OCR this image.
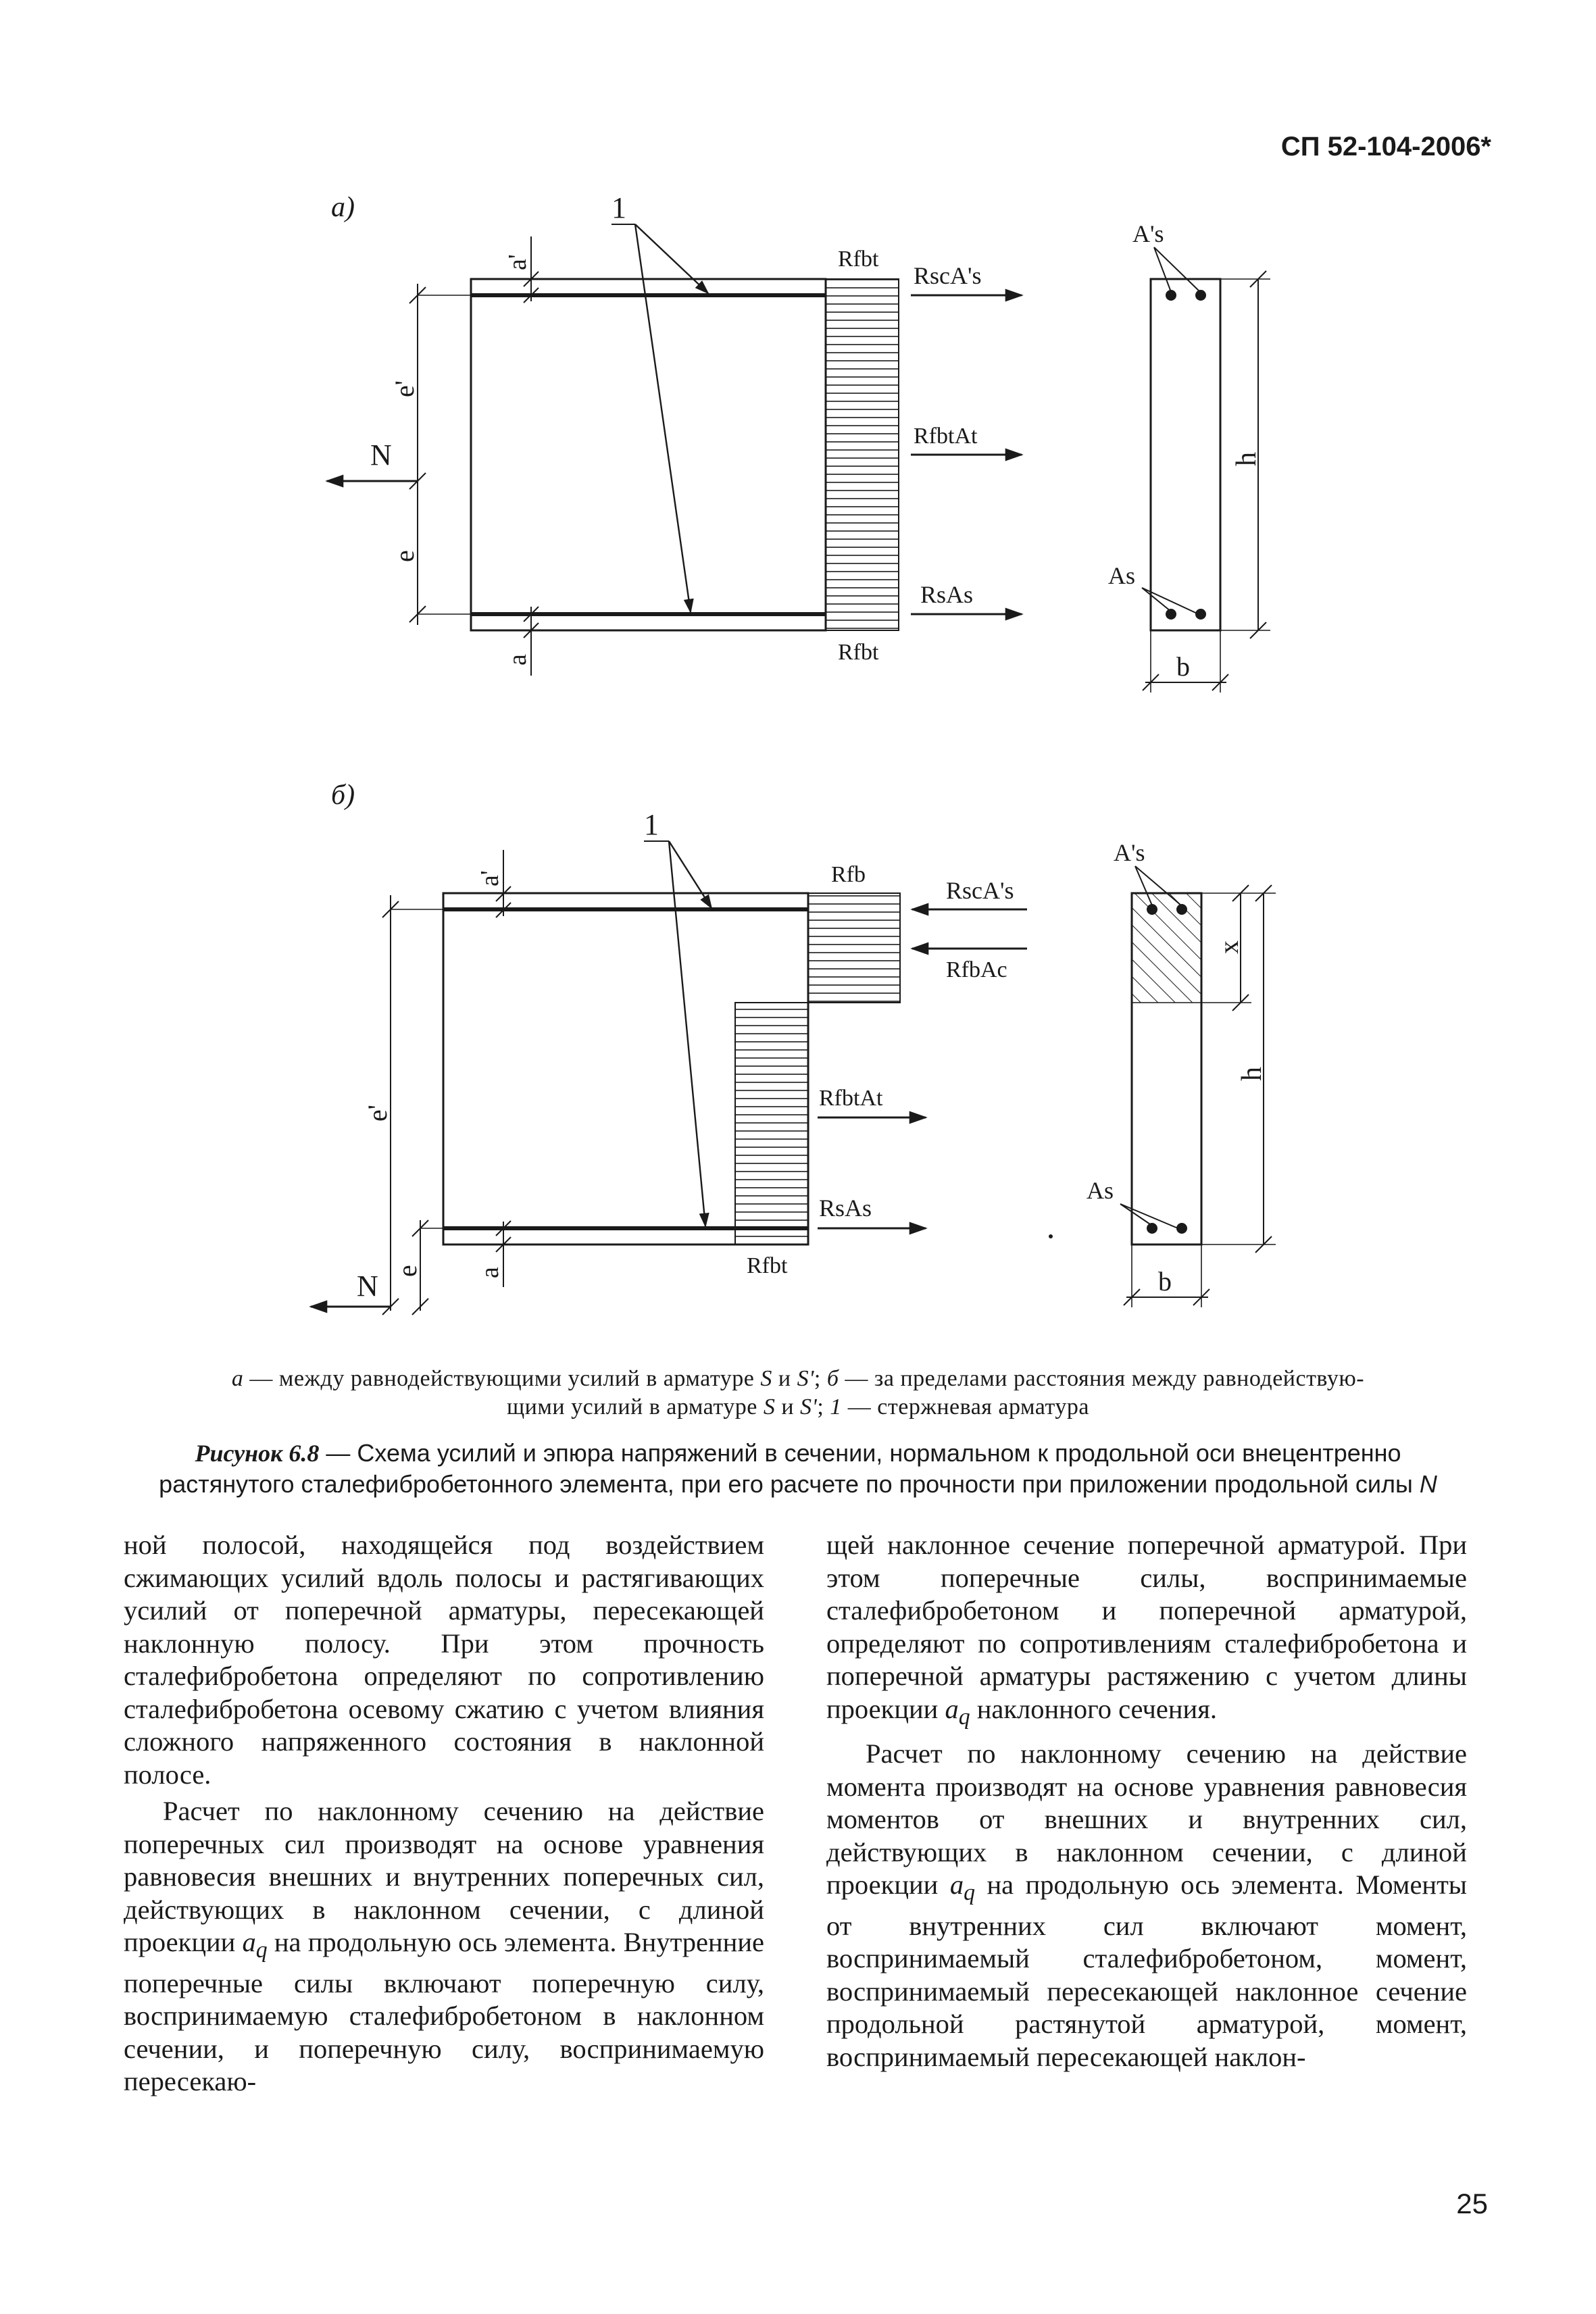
СП 52-104-2006*
а)	1
a'
a
e'
e
N
Rfbt
Rfbt
RscA's
RfbtAt
RsAs
A's
As
h
b
б)
1
a'
a
e'
e
N
Rfb
Rfbt
RscA's
RfbAc
RfbtAt
RsAs
A's
As
x
h
b
а — между равнодействующими усилий в арматуре S и S'; б — за пределами расстояния между равнодействую-
щими усилий в арматуре S и S'; 1 — стержневая арматура
Рисунок 6.8 — Схема усилий и эпюра напряжений в сечении, нормальном к продольной оси внецентренно
растянутого сталефибробетонного элемента, при его расчете по прочности при приложении продольной силы N

ной полосой, находящейся под воздействием сжимающих усилий вдоль полосы и растягивающих усилий от поперечной арматуры, пересекающей наклонную полосу. При этом прочность сталефибробетона определяют по сопротивлению сталефибробетона осевому сжатию с учетом влияния сложного напряженного состояния в наклонной полосе.

Расчет по наклонному сечению на действие поперечных сил производят на основе уравнения равновесия внешних и внутренних поперечных сил, действующих в наклонном сечении, с длиной проекции $a_q$ на продольную ось элемента. Внутренние поперечные силы включают поперечную силу, воспринимаемую сталефибробетоном в наклонном сечении, и поперечную силу, воспринимаемую пересекаю-

щей наклонное сечение поперечной арматурой. При этом поперечные силы, воспринимаемые сталефибробетоном и поперечной арматурой, определяют по сопротивлениям сталефибробетона и поперечной арматуры растяжению с учетом длины проекции $a_q$ наклонного сечения.

Расчет по наклонному сечению на действие момента производят на основе уравнения равновесия моментов от внешних и внутренних сил, действующих в наклонном сечении, с длиной проекции $a_q$ на продольную ось элемента. Моменты от внутренних сил включают момент, воспринимаемый сталефибробетоном, момент, воспринимаемый пересекающей наклонное сечение продольной растянутой арматурой, момент, воспринимаемый пересекающей наклон-

25
